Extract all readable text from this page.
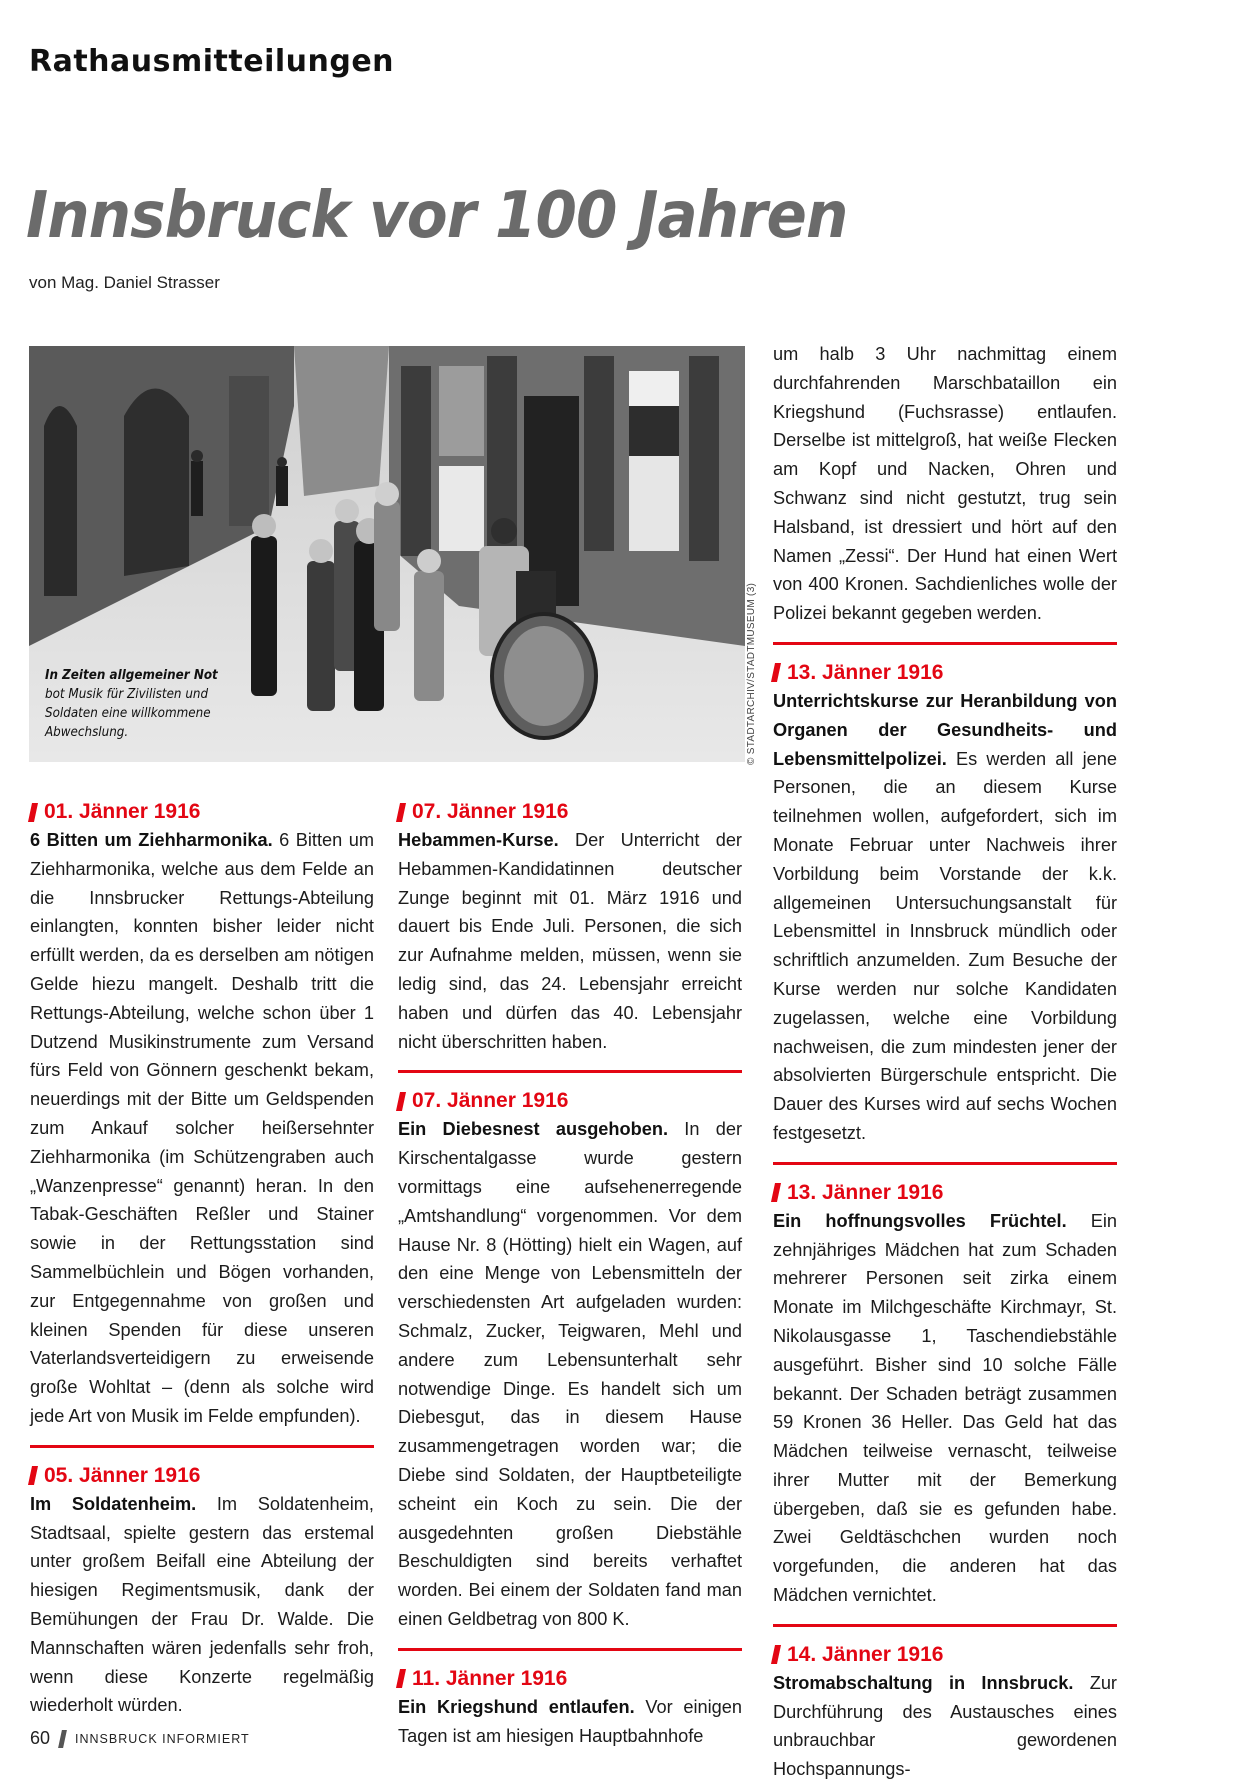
Rathausmitteilungen
Innsbruck vor 100 Jahren
von Mag. Daniel Strasser
In Zeiten allgemeiner Not
bot Musik für Zivilisten und Soldaten eine willkommene Abwechslung.	© STADTARCHIV/STADTMUSEUM (3)
01. Jänner 1916

6 Bitten um Ziehharmonika. 6 Bitten um Ziehharmonika, welche aus dem Felde an die Innsbrucker Rettungs-Abteilung einlangten, konnten bisher leider nicht erfüllt werden, da es derselben am nötigen Gelde hiezu mangelt. Deshalb tritt die Rettungs-Abteilung, welche schon über 1 Dutzend Musikinstrumente zum Versand fürs Feld von Gönnern geschenkt bekam, neuerdings mit der Bitte um Geldspenden zum Ankauf solcher heißersehnter Ziehharmonika (im Schützengraben auch „Wanzenpresse“ genannt) heran. In den Tabak-Geschäften Reßler und Stainer sowie in der Rettungsstation sind Sammelbüchlein und Bögen vorhanden, zur Entgegennahme von großen und kleinen Spenden für diese unseren Vaterlandsverteidigern zu erweisende große Wohltat – (denn als solche wird jede Art von Musik im Felde empfunden).

05. Jänner 1916

Im Soldatenheim. Im Soldatenheim, Stadtsaal, spielte gestern das erstemal unter großem Beifall eine Abteilung der hiesigen Regimentsmusik, dank der Bemühungen der Frau Dr. Walde. Die Mannschaften wären jedenfalls sehr froh, wenn diese Konzerte regelmäßig wiederholt würden.

07. Jänner 1916

Hebammen-Kurse. Der Unterricht der Hebammen-Kandidatinnen deutscher Zunge beginnt mit 01. März 1916 und dauert bis Ende Juli. Personen, die sich zur Aufnahme melden, müssen, wenn sie ledig sind, das 24. Lebensjahr erreicht haben und dürfen das 40. Lebensjahr nicht überschritten haben.

07. Jänner 1916

Ein Diebesnest ausgehoben. In der Kirschentalgasse wurde gestern vormittags eine aufsehenerregende „Amtshandlung“ vorgenommen. Vor dem Hause Nr. 8 (Hötting) hielt ein Wagen, auf den eine Menge von Lebensmitteln der verschiedensten Art aufgeladen wurden: Schmalz, Zucker, Teigwaren, Mehl und andere zum Lebensunterhalt sehr notwendige Dinge. Es handelt sich um Diebesgut, das in diesem Hause zusammengetragen worden war; die Diebe sind Soldaten, der Hauptbeteiligte scheint ein Koch zu sein. Die der ausgedehnten großen Diebstähle Beschuldigten sind bereits verhaftet worden. Bei einem der Soldaten fand man einen Geldbetrag von 800 K.

11. Jänner 1916

Ein Kriegshund entlaufen. Vor einigen Tagen ist am hiesigen Hauptbahnhofe

um halb 3 Uhr nachmittag einem durchfahrenden Marschbataillon ein Kriegshund (Fuchsrasse) entlaufen. Derselbe ist mittelgroß, hat weiße Flecken am Kopf und Nacken, Ohren und Schwanz sind nicht gestutzt, trug sein Halsband, ist dressiert und hört auf den Namen „Zessi“. Der Hund hat einen Wert von 400 Kronen. Sachdienliches wolle der Polizei bekannt gegeben werden.

13. Jänner 1916

Unterrichtskurse zur Heranbildung von Organen der Gesundheits- und Lebensmittelpolizei. Es werden all jene Personen, die an diesem Kurse teilnehmen wollen, aufgefordert, sich im Monate Februar unter Nachweis ihrer Vorbildung beim Vorstande der k.k. allgemeinen Untersuchungsanstalt für Lebensmittel in Innsbruck mündlich oder schriftlich anzumelden. Zum Besuche der Kurse werden nur solche Kandidaten zugelassen, welche eine Vorbildung nachweisen, die zum mindesten jener der absolvierten Bürgerschule entspricht. Die Dauer des Kurses wird auf sechs Wochen festgesetzt.

13. Jänner 1916

Ein hoffnungsvolles Früchtel. Ein zehnjähriges Mädchen hat zum Schaden mehrerer Personen seit zirka einem Monate im Milchgeschäfte Kirchmayr, St. Nikolausgasse 1, Taschendiebstähle ausgeführt. Bisher sind 10 solche Fälle bekannt. Der Schaden beträgt zusammen 59 Kronen 36 Heller. Das Geld hat das Mädchen teilweise vernascht, teilweise ihrer Mutter mit der Bemerkung übergeben, daß sie es gefunden habe. Zwei Geldtäschchen wurden noch vorgefunden, die anderen hat das Mädchen vernichtet.

14. Jänner 1916

Stromabschaltung in Innsbruck. Zur Durchführung des Austausches eines unbrauchbar gewordenen Hochspannungs-

60 INNSBRUCK INFORMIERT
